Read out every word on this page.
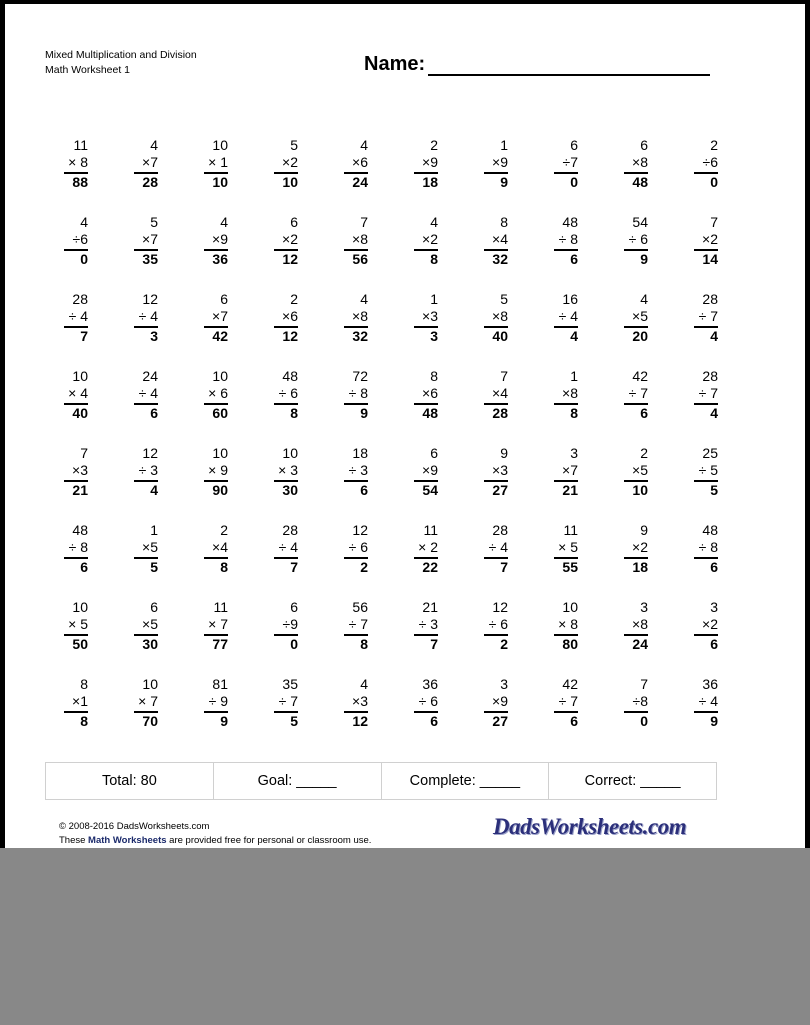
Mixed Multiplication and Division
Math Worksheet 1	Name:
11
× 8
88
4
×7
28
10
× 1
10
5
×2
10
4
×6
24
2
×9
18
1
×9
9
6
÷7
0
6
×8
48
2
÷6
0
4
÷6
0
5
×7
35
4
×9
36
6
×2
12
7
×8
56
4
×2
8
8
×4
32
48
÷ 8
6
54
÷ 6
9
7
×2
14
28
÷ 4
7
12
÷ 4
3
6
×7
42
2
×6
12
4
×8
32
1
×3
3
5
×8
40
16
÷ 4
4
4
×5
20
28
÷ 7
4
10
× 4
40
24
÷ 4
6
10
× 6
60
48
÷ 6
8
72
÷ 8
9
8
×6
48
7
×4
28
1
×8
8
42
÷ 7
6
28
÷ 7
4
7
×3
21
12
÷ 3
4
10
× 9
90
10
× 3
30
18
÷ 3
6
6
×9
54
9
×3
27
3
×7
21
2
×5
10
25
÷ 5
5
48
÷ 8
6
1
×5
5
2
×4
8
28
÷ 4
7
12
÷ 6
2
11
× 2
22
28
÷ 4
7
11
× 5
55
9
×2
18
48
÷ 8
6
10
× 5
50
6
×5
30
11
× 7
77
6
÷9
0
56
÷ 7
8
21
÷ 3
7
12
÷ 6
2
10
× 8
80
3
×8
24
3
×2
6
8
×1
8
10
× 7
70
81
÷ 9
9
35
÷ 7
5
4
×3
12
36
÷ 6
6
3
×9
27
42
÷ 7
6
7
÷8
0
36
÷ 4
9
Total: 80	Goal: _____	Complete: _____	Correct: _____
© 2008-2016 DadsWorksheets.com
These Math Worksheets are provided free for personal or classroom use.
DadsWorksheets.com
